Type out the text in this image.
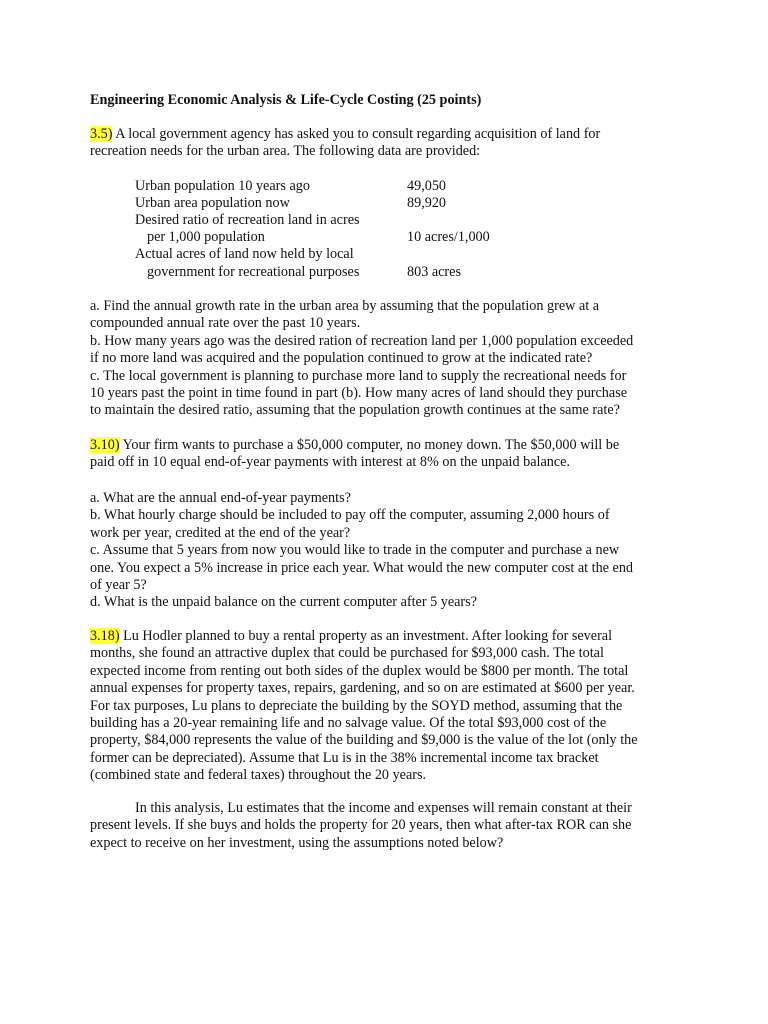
Engineering Economic Analysis & Life-Cycle Costing (25 points)
3.5) A local government agency has asked you to consult regarding acquisition of land for
recreation needs for the urban area. The following data are provided:
Urban population 10 years ago	49,050
Urban area population now	89,920
Desired ratio of recreation land in acres
per 1,000 population	10 acres/1,000
Actual acres of land now held by local
government for recreational purposes	803 acres
a. Find the annual growth rate in the urban area by assuming that the population grew at a
compounded annual rate over the past 10 years.
b. How many years ago was the desired ration of recreation land per 1,000 population exceeded
if no more land was acquired and the population continued to grow at the indicated rate?
c. The local government is planning to purchase more land to supply the recreational needs for
10 years past the point in time found in part (b). How many acres of land should they purchase
to maintain the desired ratio, assuming that the population growth continues at the same rate?
3.10) Your firm wants to purchase a $50,000 computer, no money down. The $50,000 will be
paid off in 10 equal end-of-year payments with interest at 8% on the unpaid balance.
a. What are the annual end-of-year payments?
b. What hourly charge should be included to pay off the computer, assuming 2,000 hours of
work per year, credited at the end of the year?
c. Assume that 5 years from now you would like to trade in the computer and purchase a new
one. You expect a 5% increase in price each year. What would the new computer cost at the end
of year 5?
d. What is the unpaid balance on the current computer after 5 years?
3.18) Lu Hodler planned to buy a rental property as an investment. After looking for several
months, she found an attractive duplex that could be purchased for $93,000 cash. The total
expected income from renting out both sides of the duplex would be $800 per month. The total
annual expenses for property taxes, repairs, gardening, and so on are estimated at $600 per year.
For tax purposes, Lu plans to depreciate the building by the SOYD method, assuming that the
building has a 20-year remaining life and no salvage value. Of the total $93,000 cost of the
property, $84,000 represents the value of the building and $9,000 is the value of the lot (only the
former can be depreciated). Assume that Lu is in the 38% incremental income tax bracket
(combined state and federal taxes) throughout the 20 years.
In this analysis, Lu estimates that the income and expenses will remain constant at their
present levels. If she buys and holds the property for 20 years, then what after-tax ROR can she
expect to receive on her investment, using the assumptions noted below?
